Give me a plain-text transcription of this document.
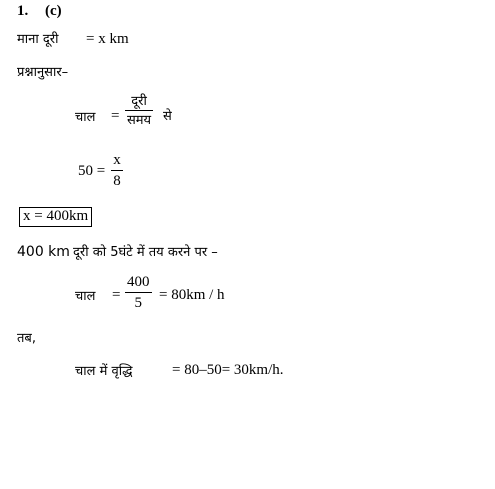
1. (c)
माना दूरी = x km
प्रश्नानुसार–
चाल =
दूरी
समय से
50 =
x
8
x = 400km
400 km दूरी को 5घंटे में तय करने पर –
चाल =
400
5 = 80km / h
तब,
चाल में वृद्धि	= 80–50= 30km/h.
